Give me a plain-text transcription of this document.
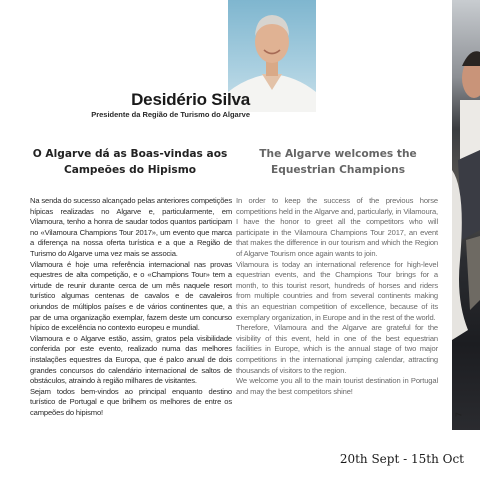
Desidério Silva
Presidente da Região de Turismo do Algarve
O Algarve dá as Boas-vindas aos Campeões do Hipismo
The Algarve welcomes the Equestrian Champions

Na senda do sucesso alcançado pelas anteriores competições hípicas realizadas no Algarve e, particularmente, em Vilamoura, tenho a honra de saudar todos quantos participam no «Vilamoura Champions Tour 2017», um evento que marca a diferença na nossa oferta turística e a que a Região de Turismo do Algarve uma vez mais se associa.

Vilamoura é hoje uma referência internacional nas provas equestres de alta competição, e o «Champions Tour» tem a virtude de reunir durante cerca de um mês naquele resort turístico algumas centenas de cavalos e de cavaleiros oriundos de múltiplos países e de vários continentes que, a par de uma organização exemplar, fazem deste um concurso hípico de excelência no contexto europeu e mundial.

Vilamoura e o Algarve estão, assim, gratos pela visibilidade conferida por este evento, realizado numa das melhores instalações equestres da Europa, que é palco anual de dois grandes concursos do calendário internacional de saltos de obstáculos, atraindo à região milhares de visitantes.

Sejam todos bem-vindos ao principal enquanto destino turístico de Portugal e que brilhem os melhores de entre os campeões do hipismo!

In order to keep the success of the previous horse competitions held in the Algarve and, particularly, in Vilamoura, I have the honor to greet all the competitors who will participate in the Vilamoura Champions Tour 2017, an event that makes the difference in our tourism and which the Region of Algarve Tourism once again wants to join.

Vilamoura is today an international reference for high-level equestrian events, and the Champions Tour brings for a month, to this tourist resort, hundreds of horses and riders from multiple countries and from several continents making this an equestrian competition of excellence, because of its exemplary organization, in Europe and in the rest of the world.

Therefore, Vilamoura and the Algarve are grateful for the visibility of this event, held in one of the best equestrian facilities in Europe, which is the annual stage of two major competitions in the international jumping calendar, attracting thousands of visitors to the region.

We welcome you all to the main tourist destination in Portugal and may the best competitors shine!

7
20th Sept - 15th Oct
